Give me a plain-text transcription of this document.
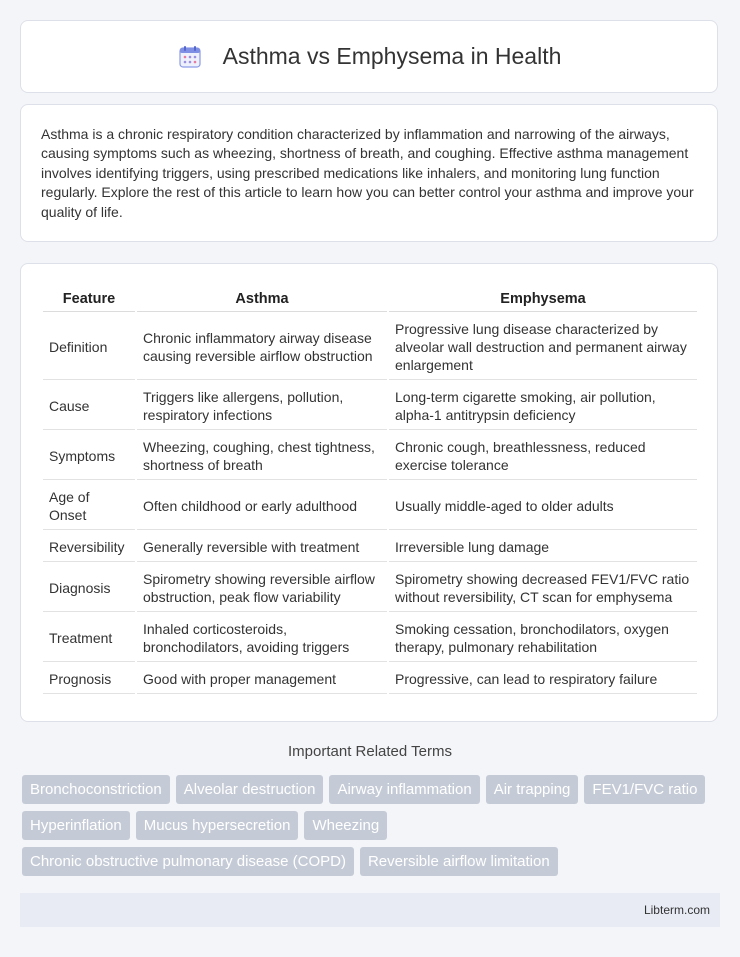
Asthma vs Emphysema in Health

Asthma is a chronic respiratory condition characterized by inflammation and narrowing of the airways, causing symptoms such as wheezing, shortness of breath, and coughing. Effective asthma management involves identifying triggers, using prescribed medications like inhalers, and monitoring lung function regularly. Explore the rest of this article to learn how you can better control your asthma and improve your quality of life.

Feature	Asthma	Emphysema
Definition	Chronic inflammatory airway disease causing reversible airflow obstruction	Progressive lung disease characterized by alveolar wall destruction and permanent airway enlargement
Cause	Triggers like allergens, pollution, respiratory infections	Long-term cigarette smoking, air pollution, alpha-1 antitrypsin deficiency
Symptoms	Wheezing, coughing, chest tightness, shortness of breath	Chronic cough, breathlessness, reduced exercise tolerance
Age of Onset	Often childhood or early adulthood	Usually middle-aged to older adults
Reversibility	Generally reversible with treatment	Irreversible lung damage
Diagnosis	Spirometry showing reversible airflow obstruction, peak flow variability	Spirometry showing decreased FEV1/FVC ratio without reversibility, CT scan for emphysema
Treatment	Inhaled corticosteroids, bronchodilators, avoiding triggers	Smoking cessation, bronchodilators, oxygen therapy, pulmonary rehabilitation
Prognosis	Good with proper management	Progressive, can lead to respiratory failure
Important Related Terms
Bronchoconstriction	Alveolar destruction	Airway inflammation	Air trapping	FEV1/FVC ratio
Hyperinflation	Mucus hypersecretion	Wheezing
Chronic obstructive pulmonary disease (COPD)	Reversible airflow limitation
Libterm.com
